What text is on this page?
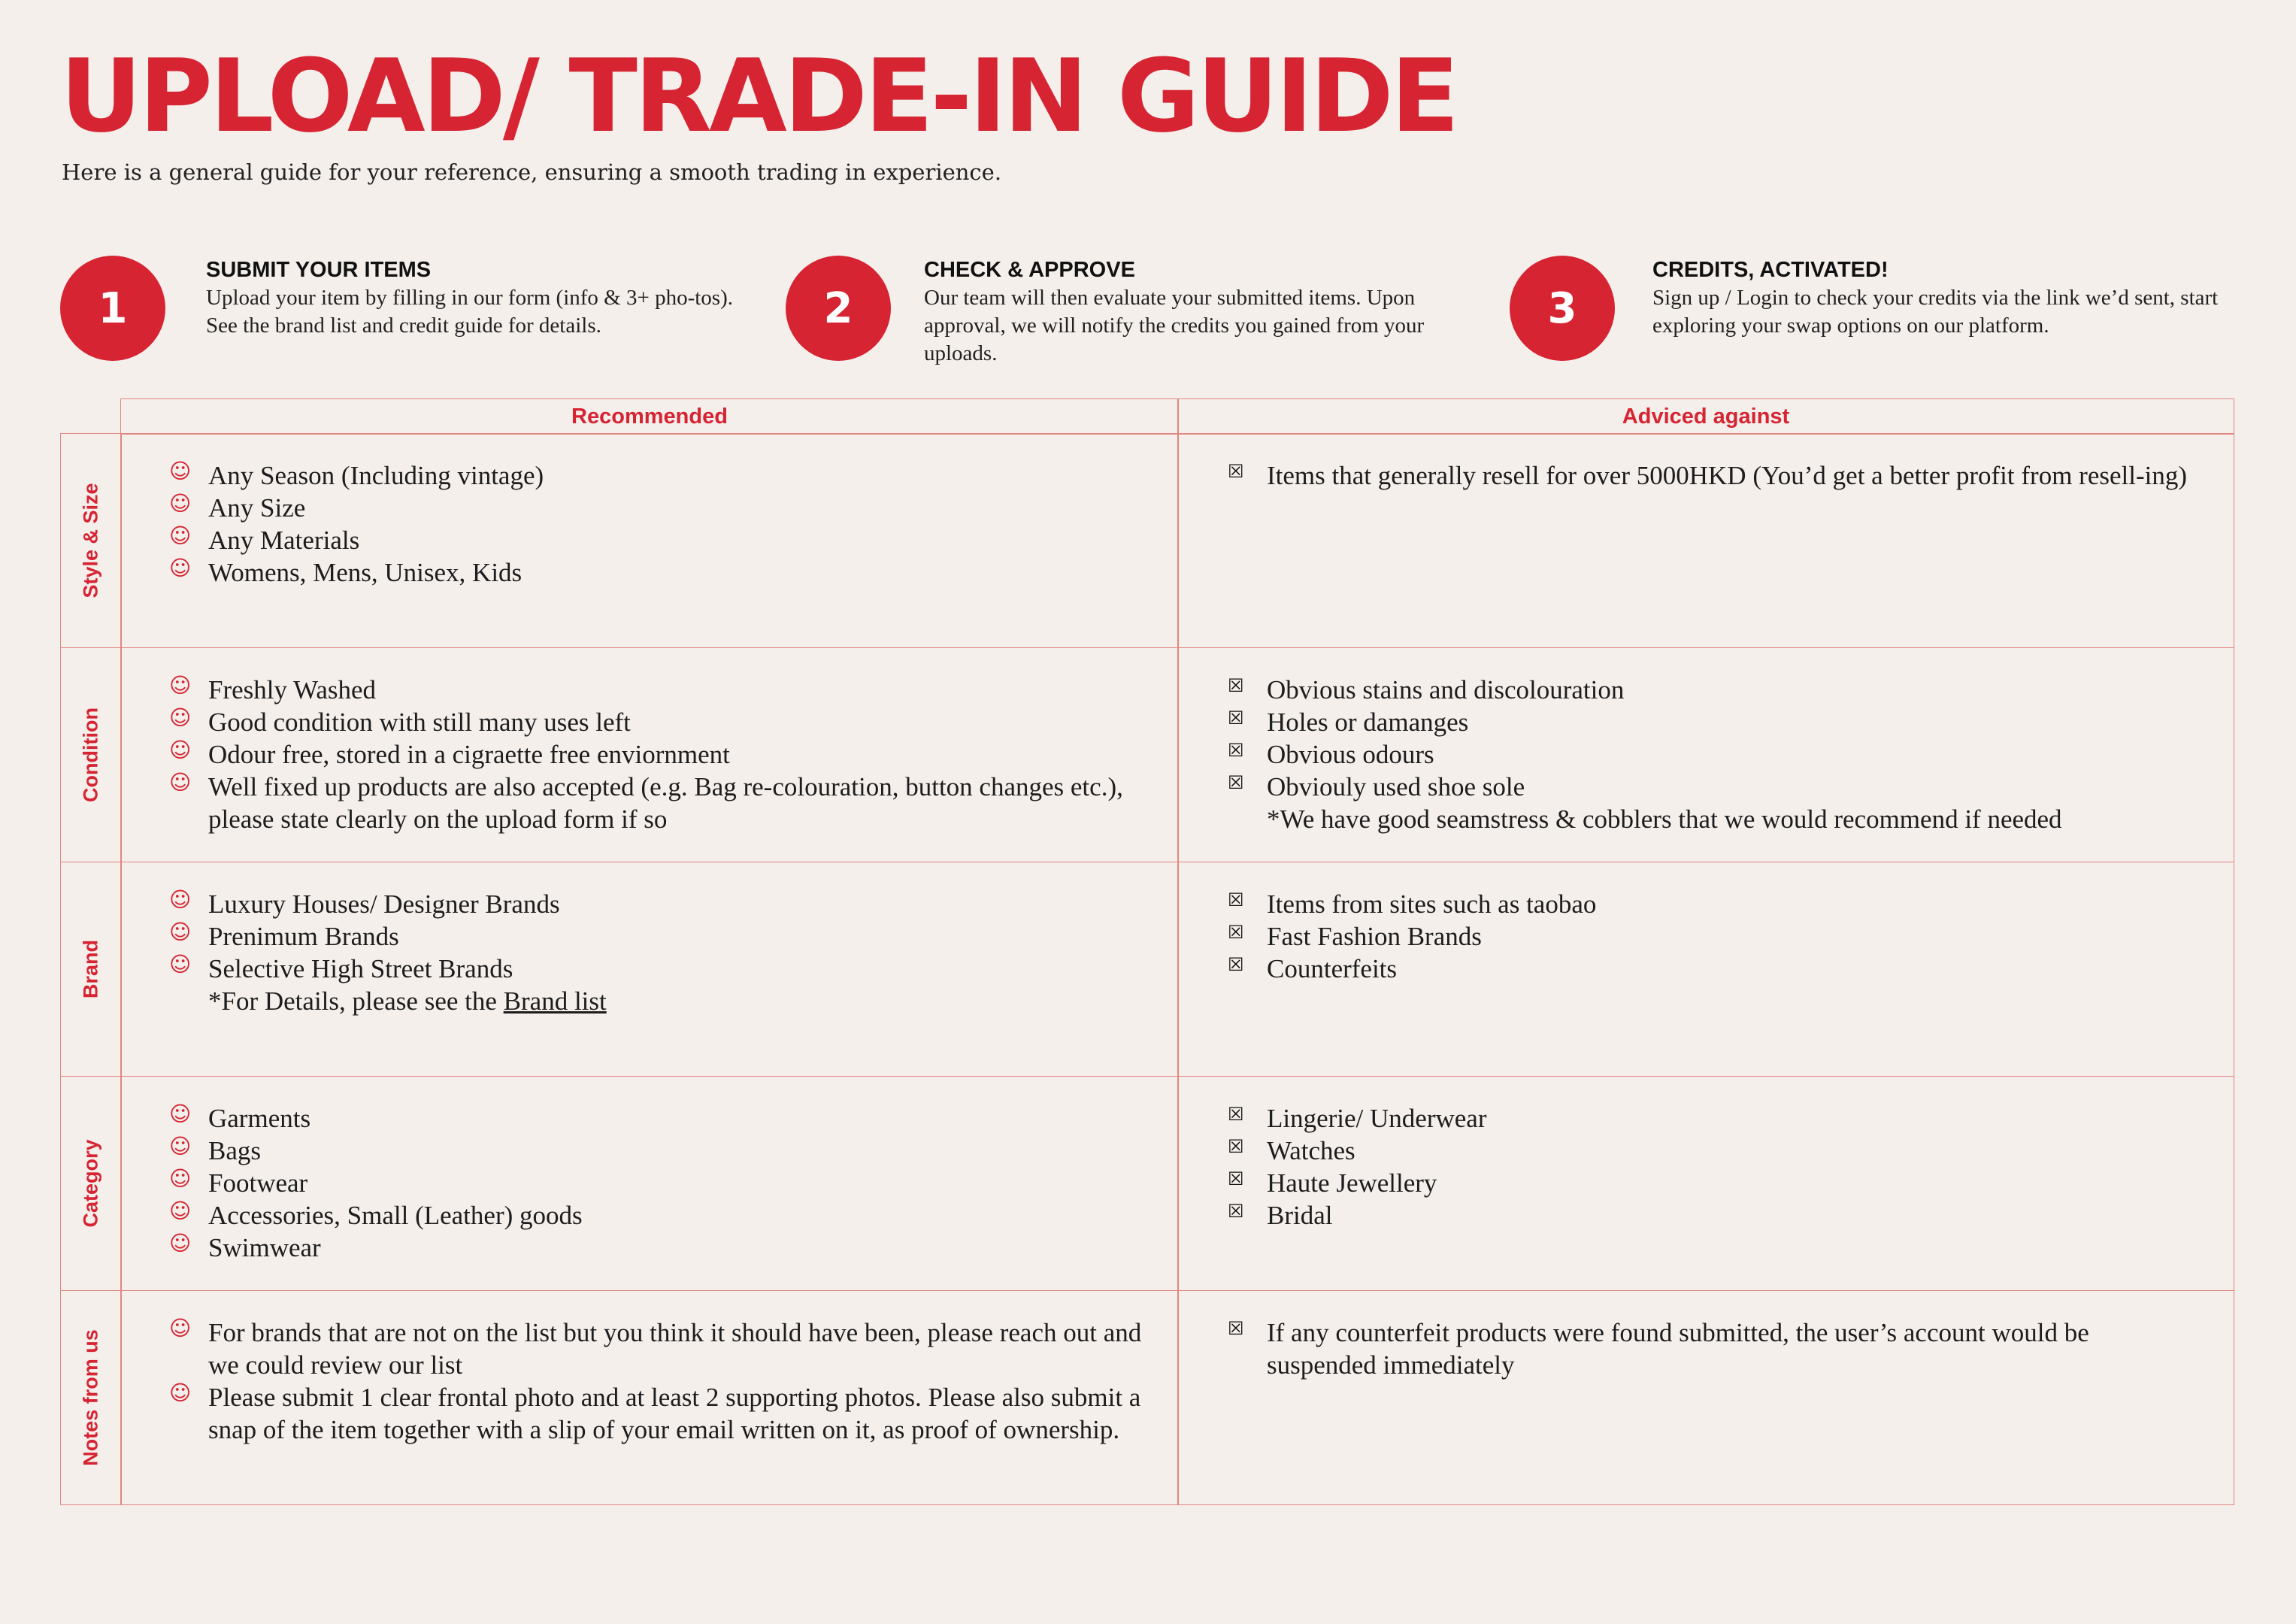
UPLOAD/ TRADE-IN GUIDE
Here is a general guide for your reference, ensuring a smooth trading in experience.
1
SUBMIT YOUR ITEMS
Upload your item by filling in our form (info & 3+ pho-tos). See the brand list and credit guide for details.	2
CHECK & APPROVE
Our team will then evaluate your submitted items. Upon approval, we will notify the credits you gained from your uploads.
3
CREDITS, ACTIVATED!
Sign up / Login to check your credits via the link we’d sent, start exploring your swap options on our platform.
Recommended	Adviced against
Style & Size
☺ Any Season (Including vintage)
☺ Any Size
☺ Any Materials
☺ Womens, Mens, Unisex, Kids
☒ Items that generally resell for over 5000HKD (You’d get a better profit from resell-ing)
Condition
☺ Freshly Washed
☺ Good condition with still many uses left
☺ Odour free, stored in a cigraette free enviornment
☺ Well fixed up products are also accepted (e.g. Bag re-colouration, button changes etc.), please state clearly on the upload form if so
☒ Obvious stains and discolouration
☒ Holes or damanges
☒ Obvious odours
☒ Obvioulу used shoe sole
*We have good seamstress & cobblers that we would recommend if needed
Brand
☺ Luxury Houses/ Designer Brands
☺ Prenimum Brands
☺ Selective High Street Brands
*For Details, please see the Brand list
☒ Items from sites such as taobao
☒ Fast Fashion Brands
☒ Counterfeits
Category
☺ Garments
☺ Bags
☺ Footwear
☺ Accessories, Small (Leather) goods
☺ Swimwear
☒ Lingerie/ Underwear
☒ Watches
☒ Haute Jewellery
☒ Bridal
Notes from us
☺ For brands that are not on the list but you think it should have been, please reach out and we could review our list
☺ Please submit 1 clear frontal photo and at least 2 supporting photos. Please also submit a snap of the item together with a slip of your email written on it, as proof of ownership.
☒ If any counterfeit products were found submitted, the user’s account would be suspended immediately
